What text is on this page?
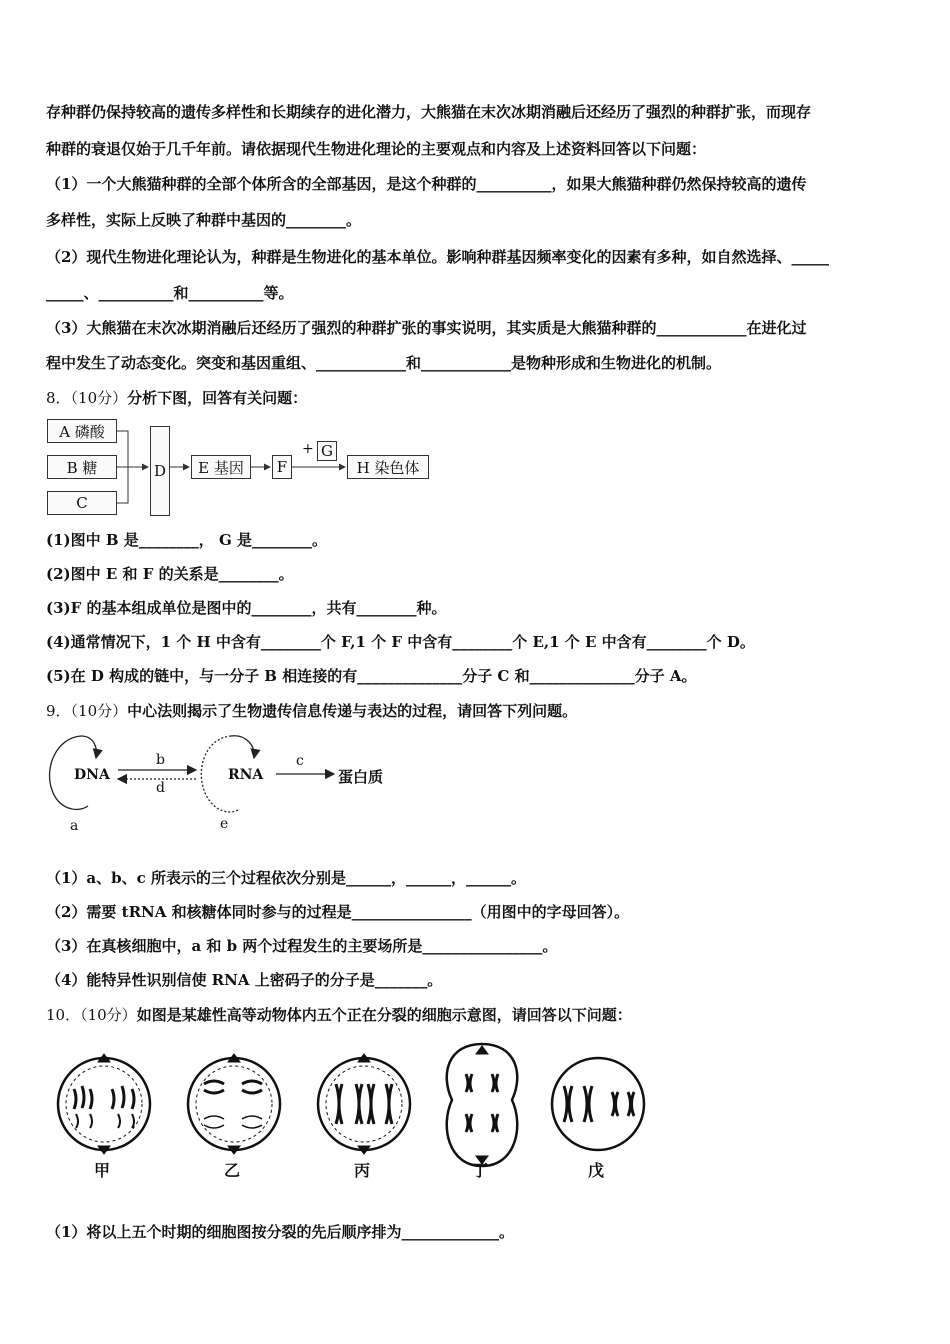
存种群仍保持较高的遗传多样性和长期续存的进化潜力，大熊猫在末次冰期消融后还经历了强烈的种群扩张，而现存
种群的衰退仅始于几千年前。请依据现代生物进化理论的主要观点和内容及上述资料回答以下问题：
（1）一个大熊猫种群的全部个体所含的全部基因，是这个种群的__________，如果大熊猫种群仍然保持较高的遗传
多样性，实际上反映了种群中基因的________。
（2）现代生物进化理论认为，种群是生物进化的基本单位。影响种群基因频率变化的因素有多种，如自然选择、_____
_____、__________和__________等。
（3）大熊猫在末次冰期消融后还经历了强烈的种群扩张的事实说明，其实质是大熊猫种群的____________在进化过
程中发生了动态变化。突变和基因重组、____________和____________是物种形成和生物进化的机制。
8．（10分）分析下图，回答有关问题：
A 磷酸
B 糖
C
D	E 基因	F
G
H 染色体
+
(1)图中 B 是________， G 是________。
(2)图中 E 和 F 的关系是________。
(3)F 的基本组成单位是图中的________，共有________种。
(4)通常情况下，1 个 H 中含有________个 F,1 个 F 中含有________个 E,1 个 E 中含有________个 D。
(5)在 D 构成的链中，与一分子 B 相连接的有______________分子 C 和______________分子 A。
9．（10分）中心法则揭示了生物遗传信息传递与表达的过程，请回答下列问题。
DNA	RNA	蛋白质
a
b	c
d
e
（1）a、b、c 所表示的三个过程依次分别是______，______，______。
（2）需要 tRNA 和核糖体同时参与的过程是________________（用图中的字母回答）。
（3）在真核细胞中，a 和 b 两个过程发生的主要场所是________________。
（4）能特异性识别信使 RNA 上密码子的分子是_______。
10．（10分）如图是某雄性高等动物体内五个正在分裂的细胞示意图，请回答以下问题：
甲	乙	丙	丁	戊
（1）将以上五个时期的细胞图按分裂的先后顺序排为_____________。
